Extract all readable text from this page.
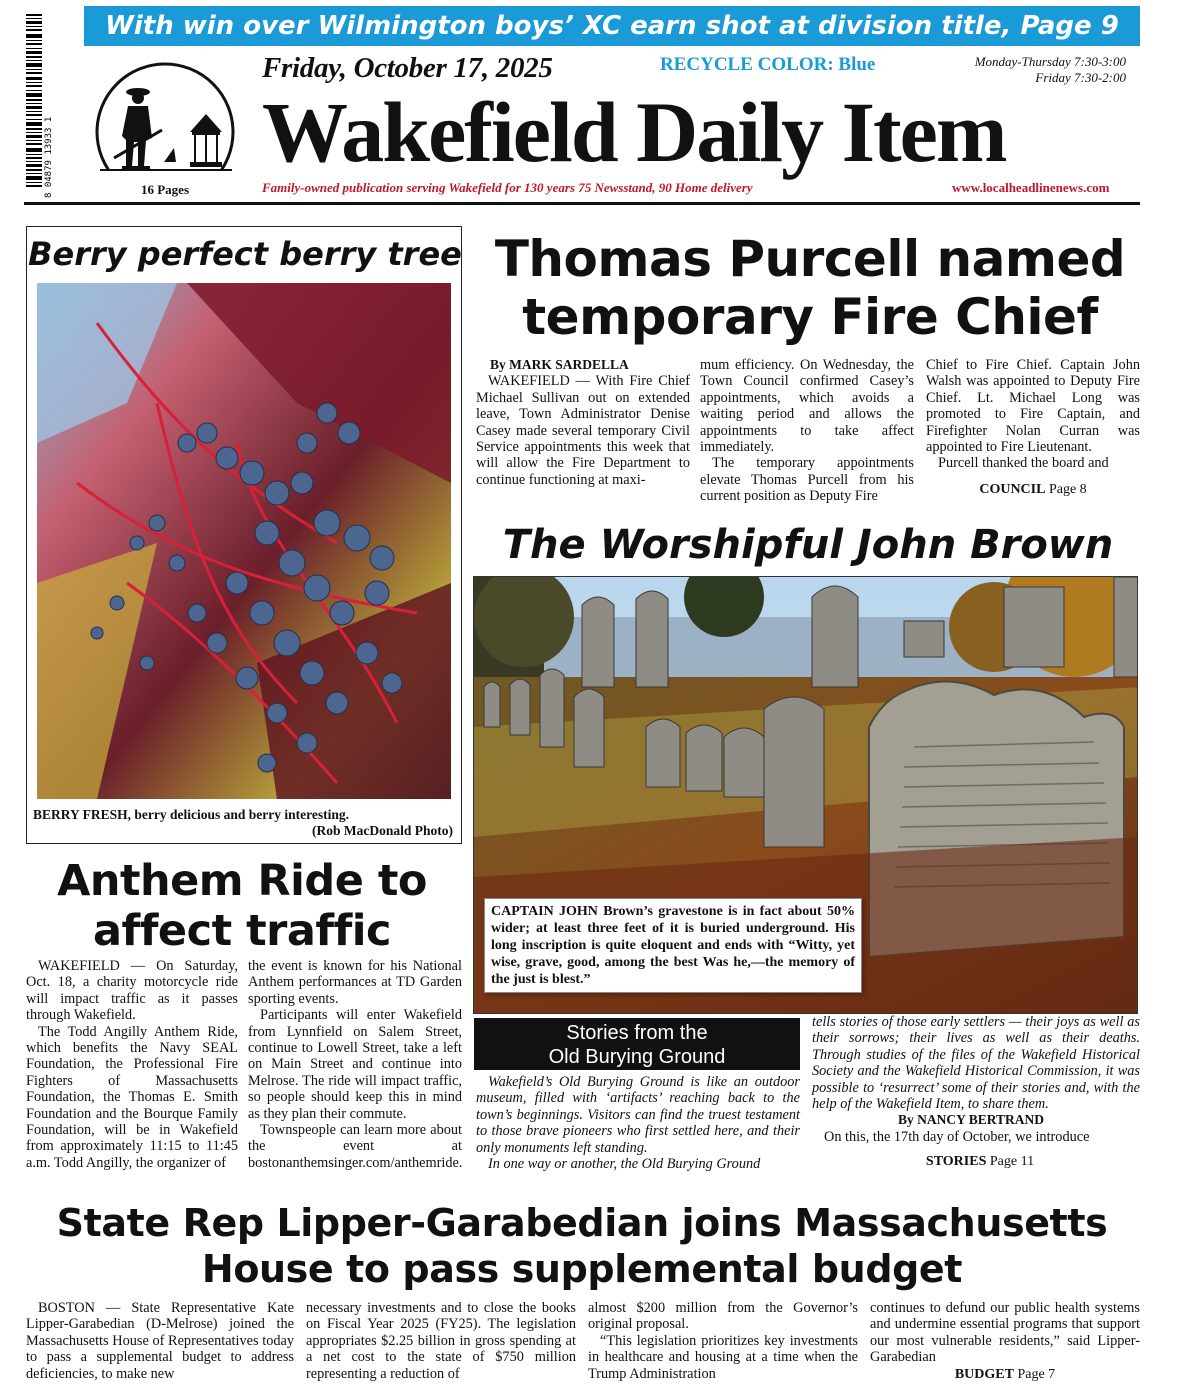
With win over Wilmington boys’ XC earn shot at division title, Page 9
8 04879 13933 1	16 Pages
Friday, October 17, 2025	RECYCLE COLOR: Blue	Monday-Thursday 7:30-3:00
Friday 7:30-2:00
Wakefield Daily Item
Family-owned publication serving Wakefield for 130 years 75 Newsstand, 90 Home delivery	www.localheadlinenews.com
Berry perfect berry tree
BERRY FRESH, berry delicious and berry interesting.
(Rob MacDonald Photo)
Thomas Purcell named
temporary Fire Chief
By MARK SARDELLA

WAKEFIELD — With Fire Chief Michael Sullivan out on extended leave, Town Administrator Denise Casey made several temporary Civil Service appointments this week that will allow the Fire Department to continue functioning at maxi-

mum efficiency. On Wednesday, the Town Council confirmed Casey’s appointments, which avoids a waiting period and allows the appointments to take affect immediately.

The temporary appointments elevate Thomas Purcell from his current position as Deputy Fire

Chief to Fire Chief. Captain John Walsh was appointed to Deputy Fire Chief. Lt. Michael Long was promoted to Fire Captain, and Firefighter Nolan Curran was appointed to Fire Lieutenant.

Purcell thanked the board and

COUNCIL Page 8
The Worshipful John Brown
CAPTAIN JOHN Brown’s gravestone is in fact about 50% wider; at least three feet of it is buried underground. His long inscription is quite eloquent and ends with “Witty, yet wise, grave, good, among the best Was he,—the memory of the just is blest.”
Stories from the
Old Burying Ground

Wakefield’s Old Burying Ground is like an outdoor museum, filled with ‘artifacts’ reaching back to the town’s beginnings. Visitors can find the truest testament to those brave pioneers who first settled here, and their only monuments left standing.

In one way or another, the Old Burying Ground

tells stories of those early settlers — their joys as well as their sorrows; their lives as well as their deaths. Through studies of the files of the Wakefield Historical Society and the Wakefield Historical Commission, it was possible to ‘resurrect’ some of their stories and, with the help of the Wakefield Item, to share them.

By NANCY BERTRAND

On this, the 17th day of October, we introduce

STORIES Page 11
Anthem Ride to
affect traffic

WAKEFIELD — On Saturday, Oct. 18, a charity motorcycle ride will impact traffic as it passes through Wakefield.

The Todd Angilly Anthem Ride, which benefits the Navy SEAL Foundation, the Professional Fire Fighters of Massachusetts Foundation, the Thomas E. Smith Foundation and the Bourque Family Foundation, will be in Wakefield from approximately 11:15 to 11:45 a.m. Todd Angilly, the organizer of

the event is known for his National Anthem performances at TD Garden sporting events.

Participants will enter Wakefield from Lynnfield on Salem Street, continue to Lowell Street, take a left on Main Street and continue into Melrose. The ride will impact traffic, so people should keep this in mind as they plan their commute.

Townspeople can learn more about the event at bostonanthemsinger.com/anthemride.

State Rep Lipper-Garabedian joins Massachusetts
House to pass supplemental budget

BOSTON — State Representative Kate Lipper-Garabedian (D-Melrose) joined the Massachusetts House of Representatives today to pass a supplemental budget to address deficiencies, to make new

necessary investments and to close the books on Fiscal Year 2025 (FY25). The legislation appropriates $2.25 billion in gross spending at a net cost to the state of $750 million representing a reduction of

almost $200 million from the Governor’s original proposal.

“This legislation prioritizes key investments in healthcare and housing at a time when the Trump Administration

continues to defund our public health systems and undermine essential programs that support our most vulnerable residents,” said Lipper-Garabedian

BUDGET Page 7
